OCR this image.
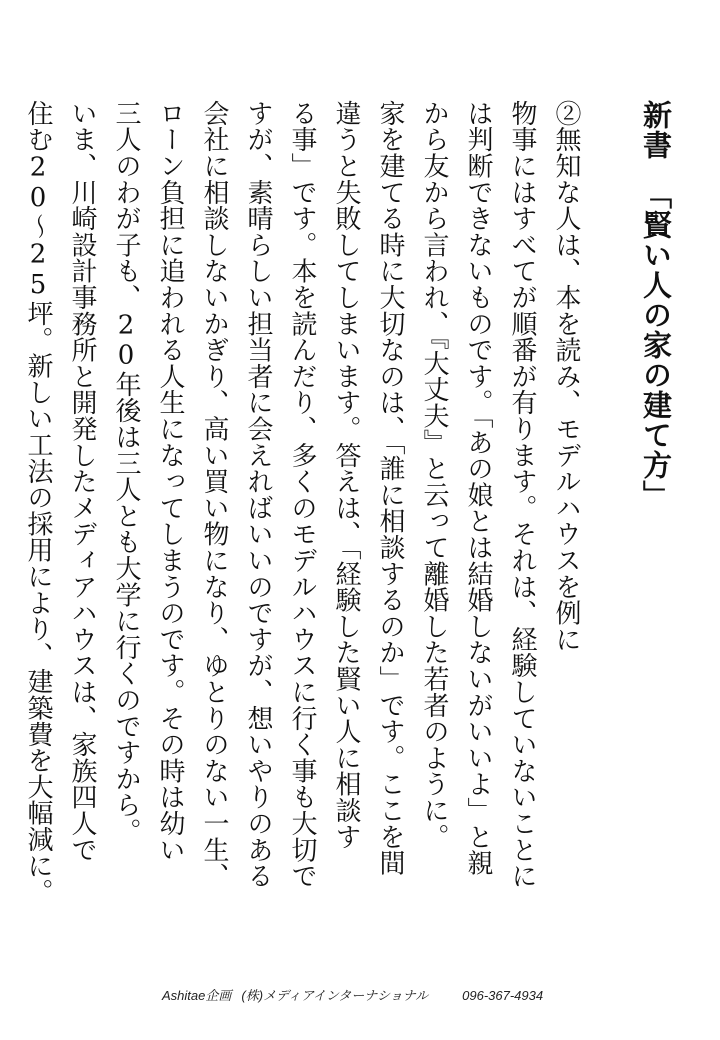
新書「賢い人の家の建て方」
②無知な人は、本を読み、モデルハウスを例に
物事にはすべてが順番が有ります。それは、経験していないことに
は判断できないものです。「あの娘とは結婚しないがいいよ」と親
から友から言われ、『大丈夫』と云って離婚した若者のように。
家を建てる時に大切なのは、「誰に相談するのか」です。ここを間
違うと失敗してしまいます。答えは、「経験した賢い人に相談す
る事」です。本を読んだり、多くのモデルハウスに行く事も大切で
すが、素晴らしい担当者に会えればいいのですが、想いやりのある
会社に相談しないかぎり、高い買い物になり、ゆとりのない一生、
ローン負担に追われる人生になってしまうのです。その時は幼い
三人のわが子も、20年後は三人とも大学に行くのですから。
いま、川崎設計事務所と開発したメディアハウスは、家族四人で
住む20～25坪。新しい工法の採用により、建築費を大幅減に。
Ashitae企画 (株)メディアインターナショナル	096-367-4934
